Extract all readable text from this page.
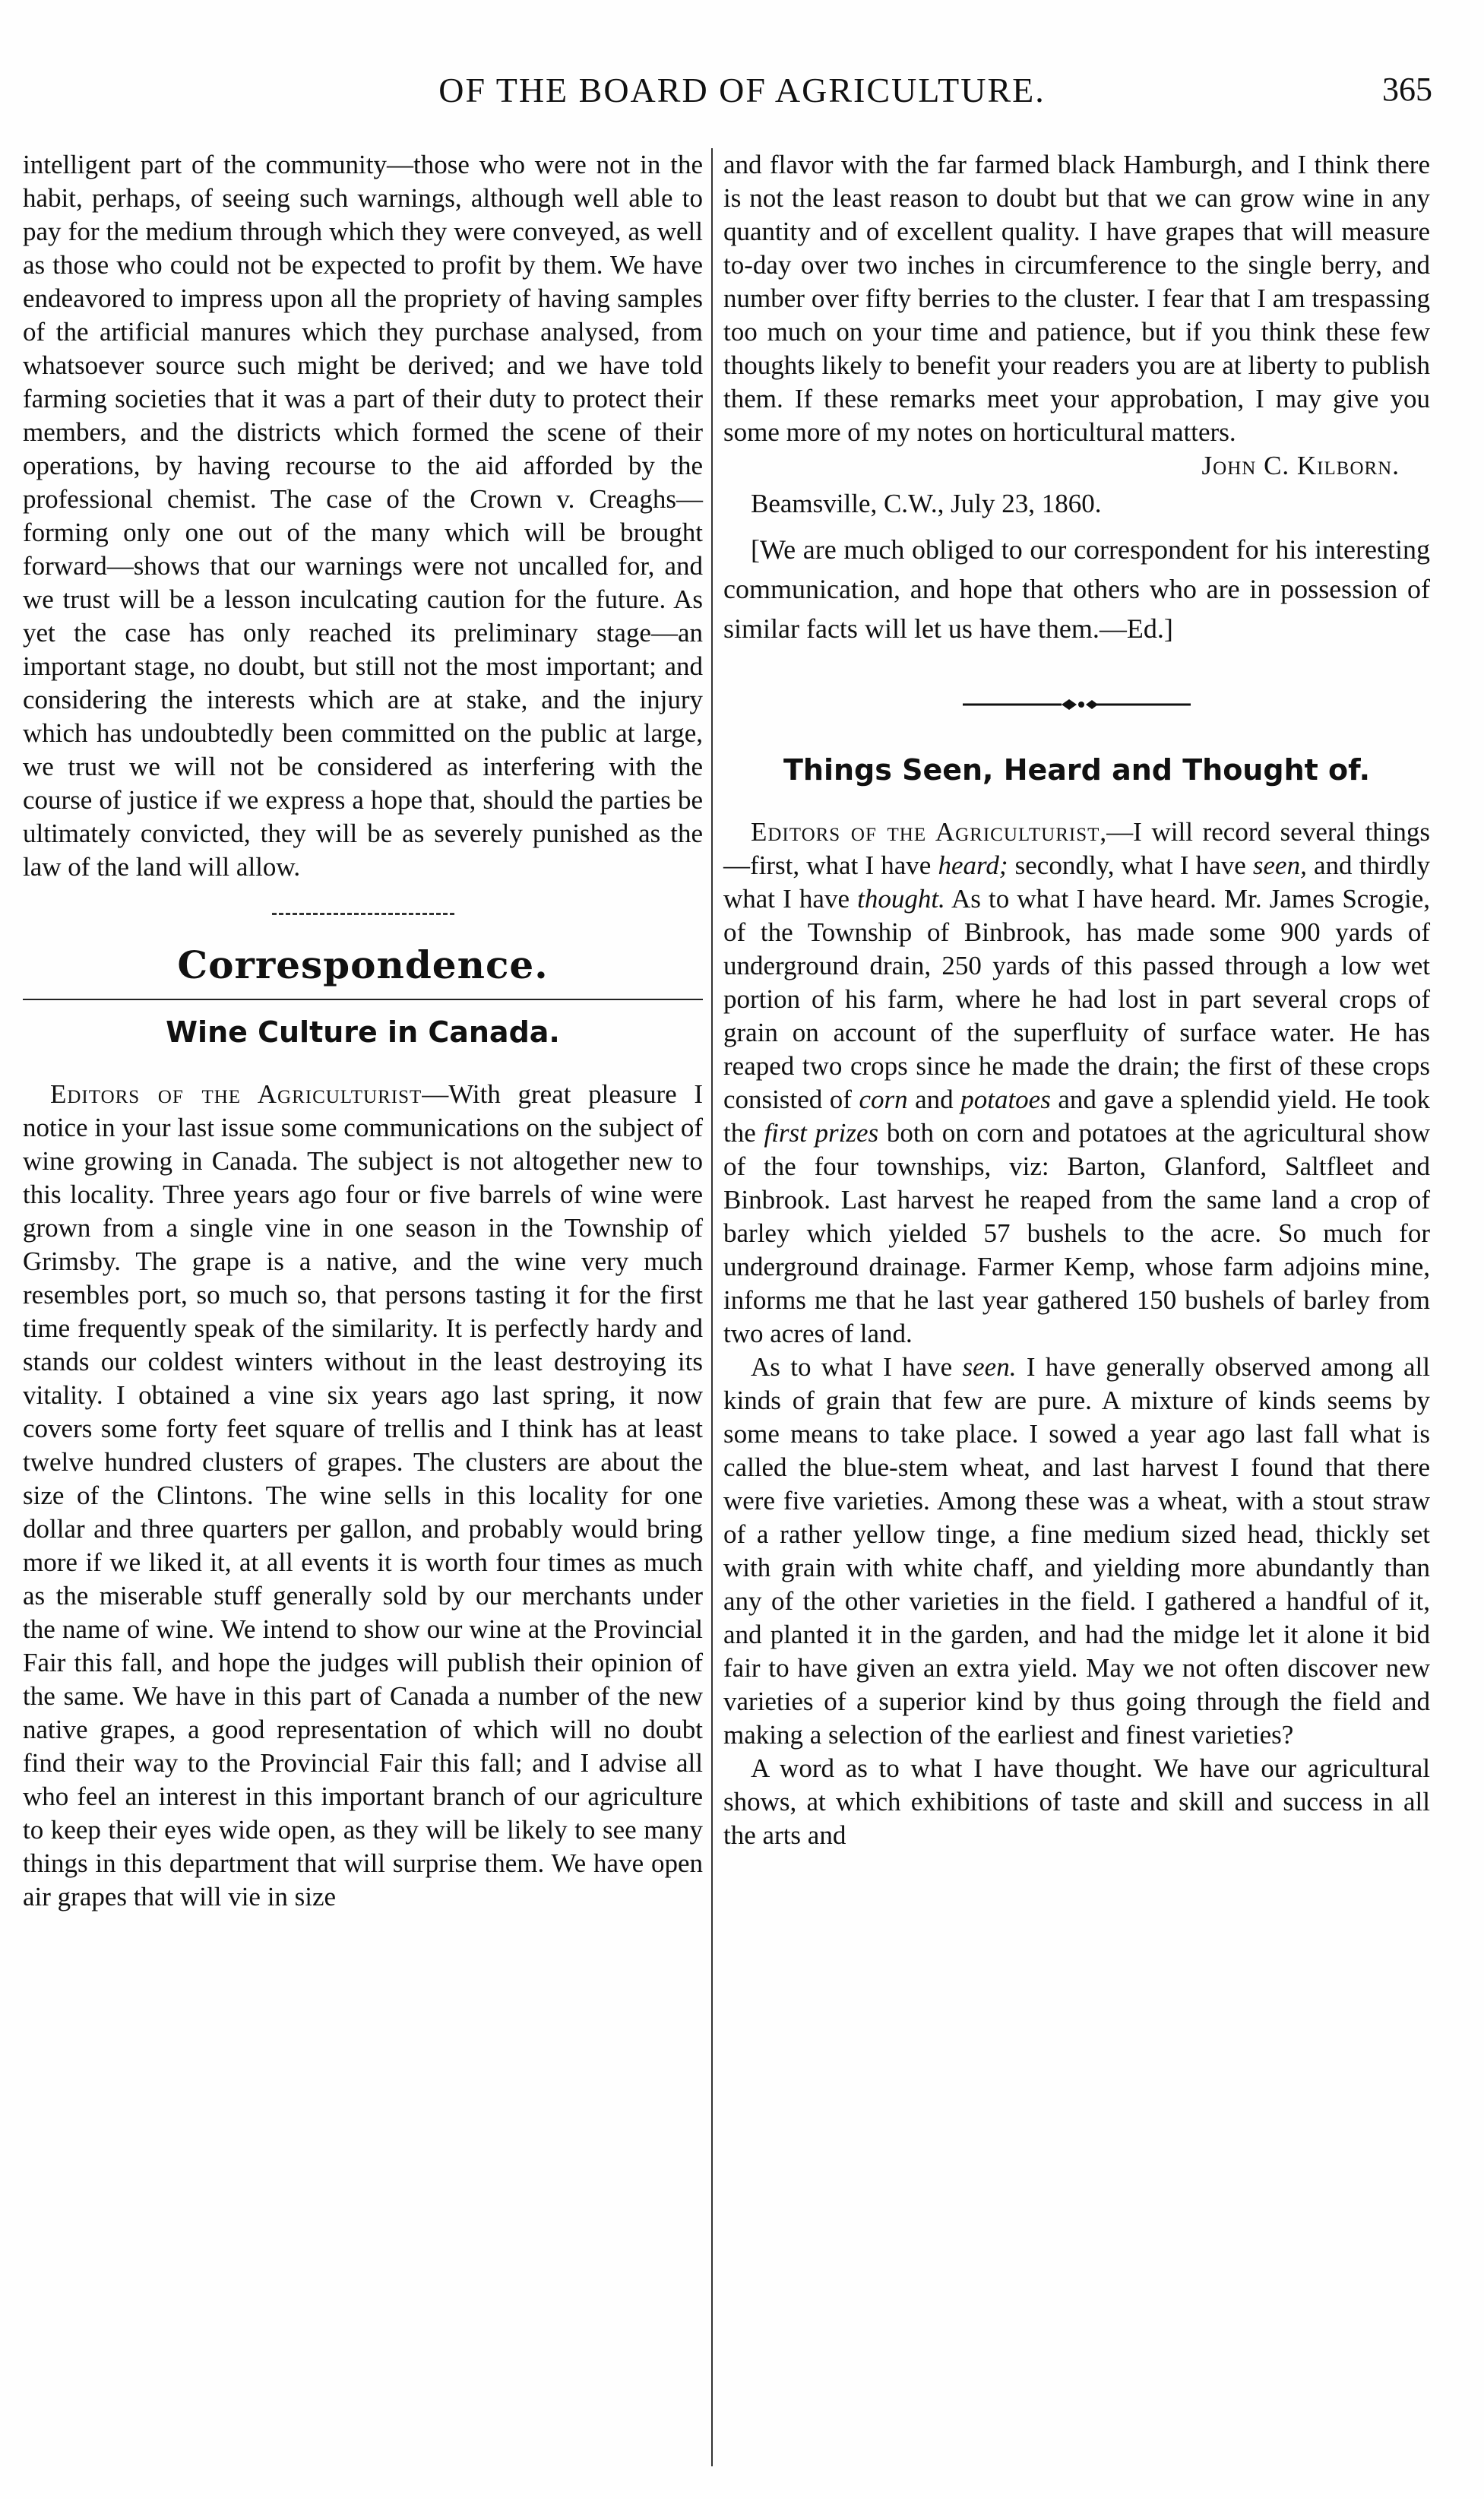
OF THE BOARD OF AGRICULTURE.	365

intelligent part of the community—those who were not in the habit, perhaps, of seeing such warnings, although well able to pay for the medium through which they were conveyed, as well as those who could not be expected to profit by them. We have endeavored to impress upon all the propriety of having samples of the artificial manures which they purchase analysed, from whatsoever source such might be derived; and we have told farming societies that it was a part of their duty to protect their members, and the districts which formed the scene of their operations, by having recourse to the aid afforded by the professional chemist. The case of the Crown v. Creaghs—forming only one out of the many which will be brought forward—shows that our warnings were not uncalled for, and we trust will be a lesson inculcating caution for the future. As yet the case has only reached its preliminary stage—an important stage, no doubt, but still not the most important; and considering the interests which are at stake, and the injury which has undoubtedly been committed on the public at large, we trust we will not be considered as interfering with the course of justice if we express a hope that, should the parties be ultimately convicted, they will be as severely punished as the law of the land will allow.

Correspondence.
Wine Culture in Canada.

Editors of the Agriculturist—With great pleasure I notice in your last issue some communications on the subject of wine growing in Canada. The subject is not altogether new to this locality. Three years ago four or five barrels of wine were grown from a single vine in one season in the Township of Grimsby. The grape is a native, and the wine very much resembles port, so much so, that persons tasting it for the first time frequently speak of the similarity. It is perfectly hardy and stands our coldest winters without in the least destroying its vitality. I obtained a vine six years ago last spring, it now covers some forty feet square of trellis and I think has at least twelve hundred clusters of grapes. The clusters are about the size of the Clintons. The wine sells in this locality for one dollar and three quarters per gallon, and probably would bring more if we liked it, at all events it is worth four times as much as the miserable stuff generally sold by our merchants under the name of wine. We intend to show our wine at the Provincial Fair this fall, and hope the judges will publish their opinion of the same. We have in this part of Canada a number of the new native grapes, a good representation of which will no doubt find their way to the Provincial Fair this fall; and I advise all who feel an interest in this important branch of our agriculture to keep their eyes wide open, as they will be likely to see many things in this department that will surprise them. We have open air grapes that will vie in size

and flavor with the far farmed black Hamburgh, and I think there is not the least reason to doubt but that we can grow wine in any quantity and of excellent quality. I have grapes that will measure to-day over two inches in circumference to the single berry, and number over fifty berries to the cluster. I fear that I am trespassing too much on your time and patience, but if you think these few thoughts likely to benefit your readers you are at liberty to publish them. If these remarks meet your approbation, I may give you some more of my notes on horticultural matters.

John C. Kilborn.

Beamsville, C.W., July 23, 1860.

[We are much obliged to our correspondent for his interesting communication, and hope that others who are in possession of similar facts will let us have them.—Ed.]

Things Seen, Heard and Thought of.

Editors of the Agriculturist,—I will record several things—first, what I have heard; secondly, what I have seen, and thirdly what I have thought. As to what I have heard. Mr. James Scrogie, of the Township of Binbrook, has made some 900 yards of underground drain, 250 yards of this passed through a low wet portion of his farm, where he had lost in part several crops of grain on account of the superfluity of surface water. He has reaped two crops since he made the drain; the first of these crops consisted of corn and potatoes and gave a splendid yield. He took the first prizes both on corn and potatoes at the agricultural show of the four townships, viz: Barton, Glanford, Saltfleet and Binbrook. Last harvest he reaped from the same land a crop of barley which yielded 57 bushels to the acre. So much for underground drainage. Farmer Kemp, whose farm adjoins mine, informs me that he last year gathered 150 bushels of barley from two acres of land.

As to what I have seen. I have generally observed among all kinds of grain that few are pure. A mixture of kinds seems by some means to take place. I sowed a year ago last fall what is called the blue-stem wheat, and last harvest I found that there were five varieties. Among these was a wheat, with a stout straw of a rather yellow tinge, a fine medium sized head, thickly set with grain with white chaff, and yielding more abundantly than any of the other varieties in the field. I gathered a handful of it, and planted it in the garden, and had the midge let it alone it bid fair to have given an extra yield. May we not often discover new varieties of a superior kind by thus going through the field and making a selection of the earliest and finest varieties?

A word as to what I have thought. We have our agricultural shows, at which exhibitions of taste and skill and success in all the arts and
